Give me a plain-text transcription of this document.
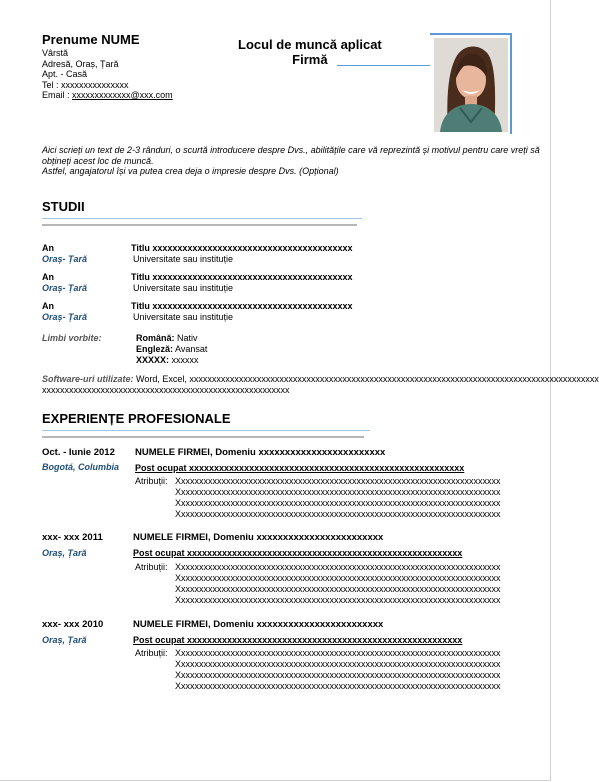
Prenume NUME
Vârstă
Adresă, Oraș, Țară
Apt. - Casă
Tel : xxxxxxxxxxxxxxx
Email : xxxxxxxxxxxxx@xxx.com
Locul de muncă aplicat
Firmă
Aici scrieți un text de 2-3 rânduri, o scurtă introducere despre Dvs., abilitățile care vă reprezintă și motivul pentru care vreți să obțineți acest loc de muncă.
Astfel, angajatorul își va putea crea deja o impresie despre Dvs. (Opțional)
STUDII
An
Oraș- Țară
Titlu xxxxxxxxxxxxxxxxxxxxxxxxxxxxxxxxxxxxxxxx
Universitate sau instituție
An
Oraș- Țară
Titlu xxxxxxxxxxxxxxxxxxxxxxxxxxxxxxxxxxxxxxxx
Universitate sau instituție
An
Oraș- Țară
Titlu xxxxxxxxxxxxxxxxxxxxxxxxxxxxxxxxxxxxxxxx
Universitate sau instituție
Limbi vorbite:	Română: Nativ
Engleză: Avansat
XXXXX: xxxxxx
Software-uri utilizate: Word, Excel, xxxxxxxxxxxxxxxxxxxxxxxxxxxxxxxxxxxxxxxxxxxxxxxxxxxxxxxxxxxxxxxxxxxxxxxxxxxxxxxxxxxxxxxxxxx
xxxxxxxxxxxxxxxxxxxxxxxxxxxxxxxxxxxxxxxxxxxxxxxxxxxxxxx
EXPERIENȚE PROFESIONALE
Oct. - Iunie 2012
Bogotá, Columbia
NUMELE FIRMEI, Domeniu xxxxxxxxxxxxxxxxxxxxxxxx
Post ocupat xxxxxxxxxxxxxxxxxxxxxxxxxxxxxxxxxxxxxxxxxxxxxxxxxxxxxxx
Atribuții: Xxxxxxxxxxxxxxxxxxxxxxxxxxxxxxxxxxxxxxxxxxxxxxxxxxxxxxxxxxxxxxxxxxxxxxxx
Xxxxxxxxxxxxxxxxxxxxxxxxxxxxxxxxxxxxxxxxxxxxxxxxxxxxxxxxxxxxxxxxxxxxxxxx
Xxxxxxxxxxxxxxxxxxxxxxxxxxxxxxxxxxxxxxxxxxxxxxxxxxxxxxxxxxxxxxxxxxxxxxxx
Xxxxxxxxxxxxxxxxxxxxxxxxxxxxxxxxxxxxxxxxxxxxxxxxxxxxxxxxxxxxxxxxxxxxxxxx
xxx- xxx 2011
Oraș, Țară
NUMELE FIRMEI, Domeniu xxxxxxxxxxxxxxxxxxxxxxxx
Post ocupat xxxxxxxxxxxxxxxxxxxxxxxxxxxxxxxxxxxxxxxxxxxxxxxxxxxxxxx
Atribuții: Xxxxxxxxxxxxxxxxxxxxxxxxxxxxxxxxxxxxxxxxxxxxxxxxxxxxxxxxxxxxxxxxxxxxxxxx
Xxxxxxxxxxxxxxxxxxxxxxxxxxxxxxxxxxxxxxxxxxxxxxxxxxxxxxxxxxxxxxxxxxxxxxxx
Xxxxxxxxxxxxxxxxxxxxxxxxxxxxxxxxxxxxxxxxxxxxxxxxxxxxxxxxxxxxxxxxxxxxxxxx
Xxxxxxxxxxxxxxxxxxxxxxxxxxxxxxxxxxxxxxxxxxxxxxxxxxxxxxxxxxxxxxxxxxxxxxxx
xxx- xxx 2010
Oraș, Țară
NUMELE FIRMEI, Domeniu xxxxxxxxxxxxxxxxxxxxxxxx
Post ocupat xxxxxxxxxxxxxxxxxxxxxxxxxxxxxxxxxxxxxxxxxxxxxxxxxxxxxxx
Atribuții: Xxxxxxxxxxxxxxxxxxxxxxxxxxxxxxxxxxxxxxxxxxxxxxxxxxxxxxxxxxxxxxxxxxxxxxxx
Xxxxxxxxxxxxxxxxxxxxxxxxxxxxxxxxxxxxxxxxxxxxxxxxxxxxxxxxxxxxxxxxxxxxxxxx
Xxxxxxxxxxxxxxxxxxxxxxxxxxxxxxxxxxxxxxxxxxxxxxxxxxxxxxxxxxxxxxxxxxxxxxxx
Xxxxxxxxxxxxxxxxxxxxxxxxxxxxxxxxxxxxxxxxxxxxxxxxxxxxxxxxxxxxxxxxxxxxxxxx
